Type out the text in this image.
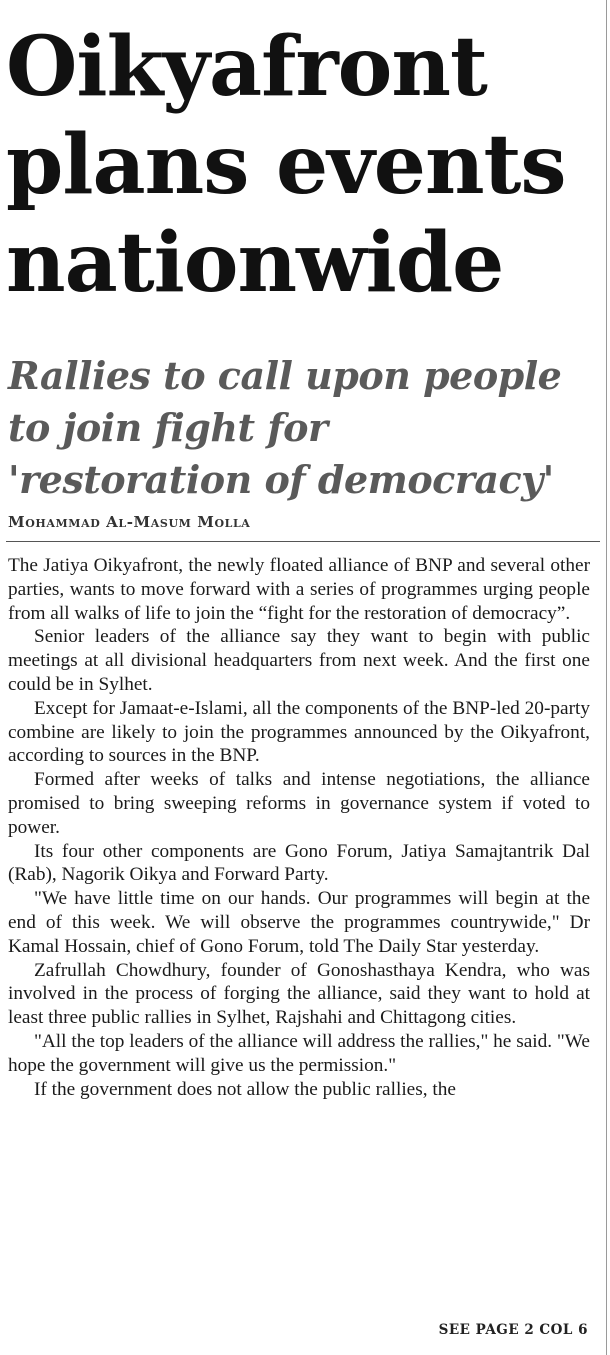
Oikyafront plans events nationwide
Rallies to call upon people to join fight for 'restoration of democracy'
Mohammad Al-Masum Molla

The Jatiya Oikyafront, the newly floated alliance of BNP and several other parties, wants to move forward with a series of programmes urging people from all walks of life to join the “fight for the restoration of democracy”.

Senior leaders of the alliance say they want to begin with public meetings at all divisional headquarters from next week. And the first one could be in Sylhet.

Except for Jamaat-e-Islami, all the components of the BNP-led 20-party combine are likely to join the programmes announced by the Oikyafront, according to sources in the BNP.

Formed after weeks of talks and intense negotiations, the alliance promised to bring sweeping reforms in governance system if voted to power.

Its four other components are Gono Forum, Jatiya Samajtantrik Dal (Rab), Nagorik Oikya and Forward Party.

"We have little time on our hands. Our programmes will begin at the end of this week. We will observe the programmes countrywide," Dr Kamal Hossain, chief of Gono Forum, told The Daily Star yesterday.

Zafrullah Chowdhury, founder of Gonoshasthaya Kendra, who was involved in the process of forging the alliance, said they want to hold at least three public rallies in Sylhet, Rajshahi and Chittagong cities.

"All the top leaders of the alliance will address the rallies," he said. "We hope the government will give us the permission."

If the government does not allow the public rallies, the

SEE PAGE 2 COL 6
